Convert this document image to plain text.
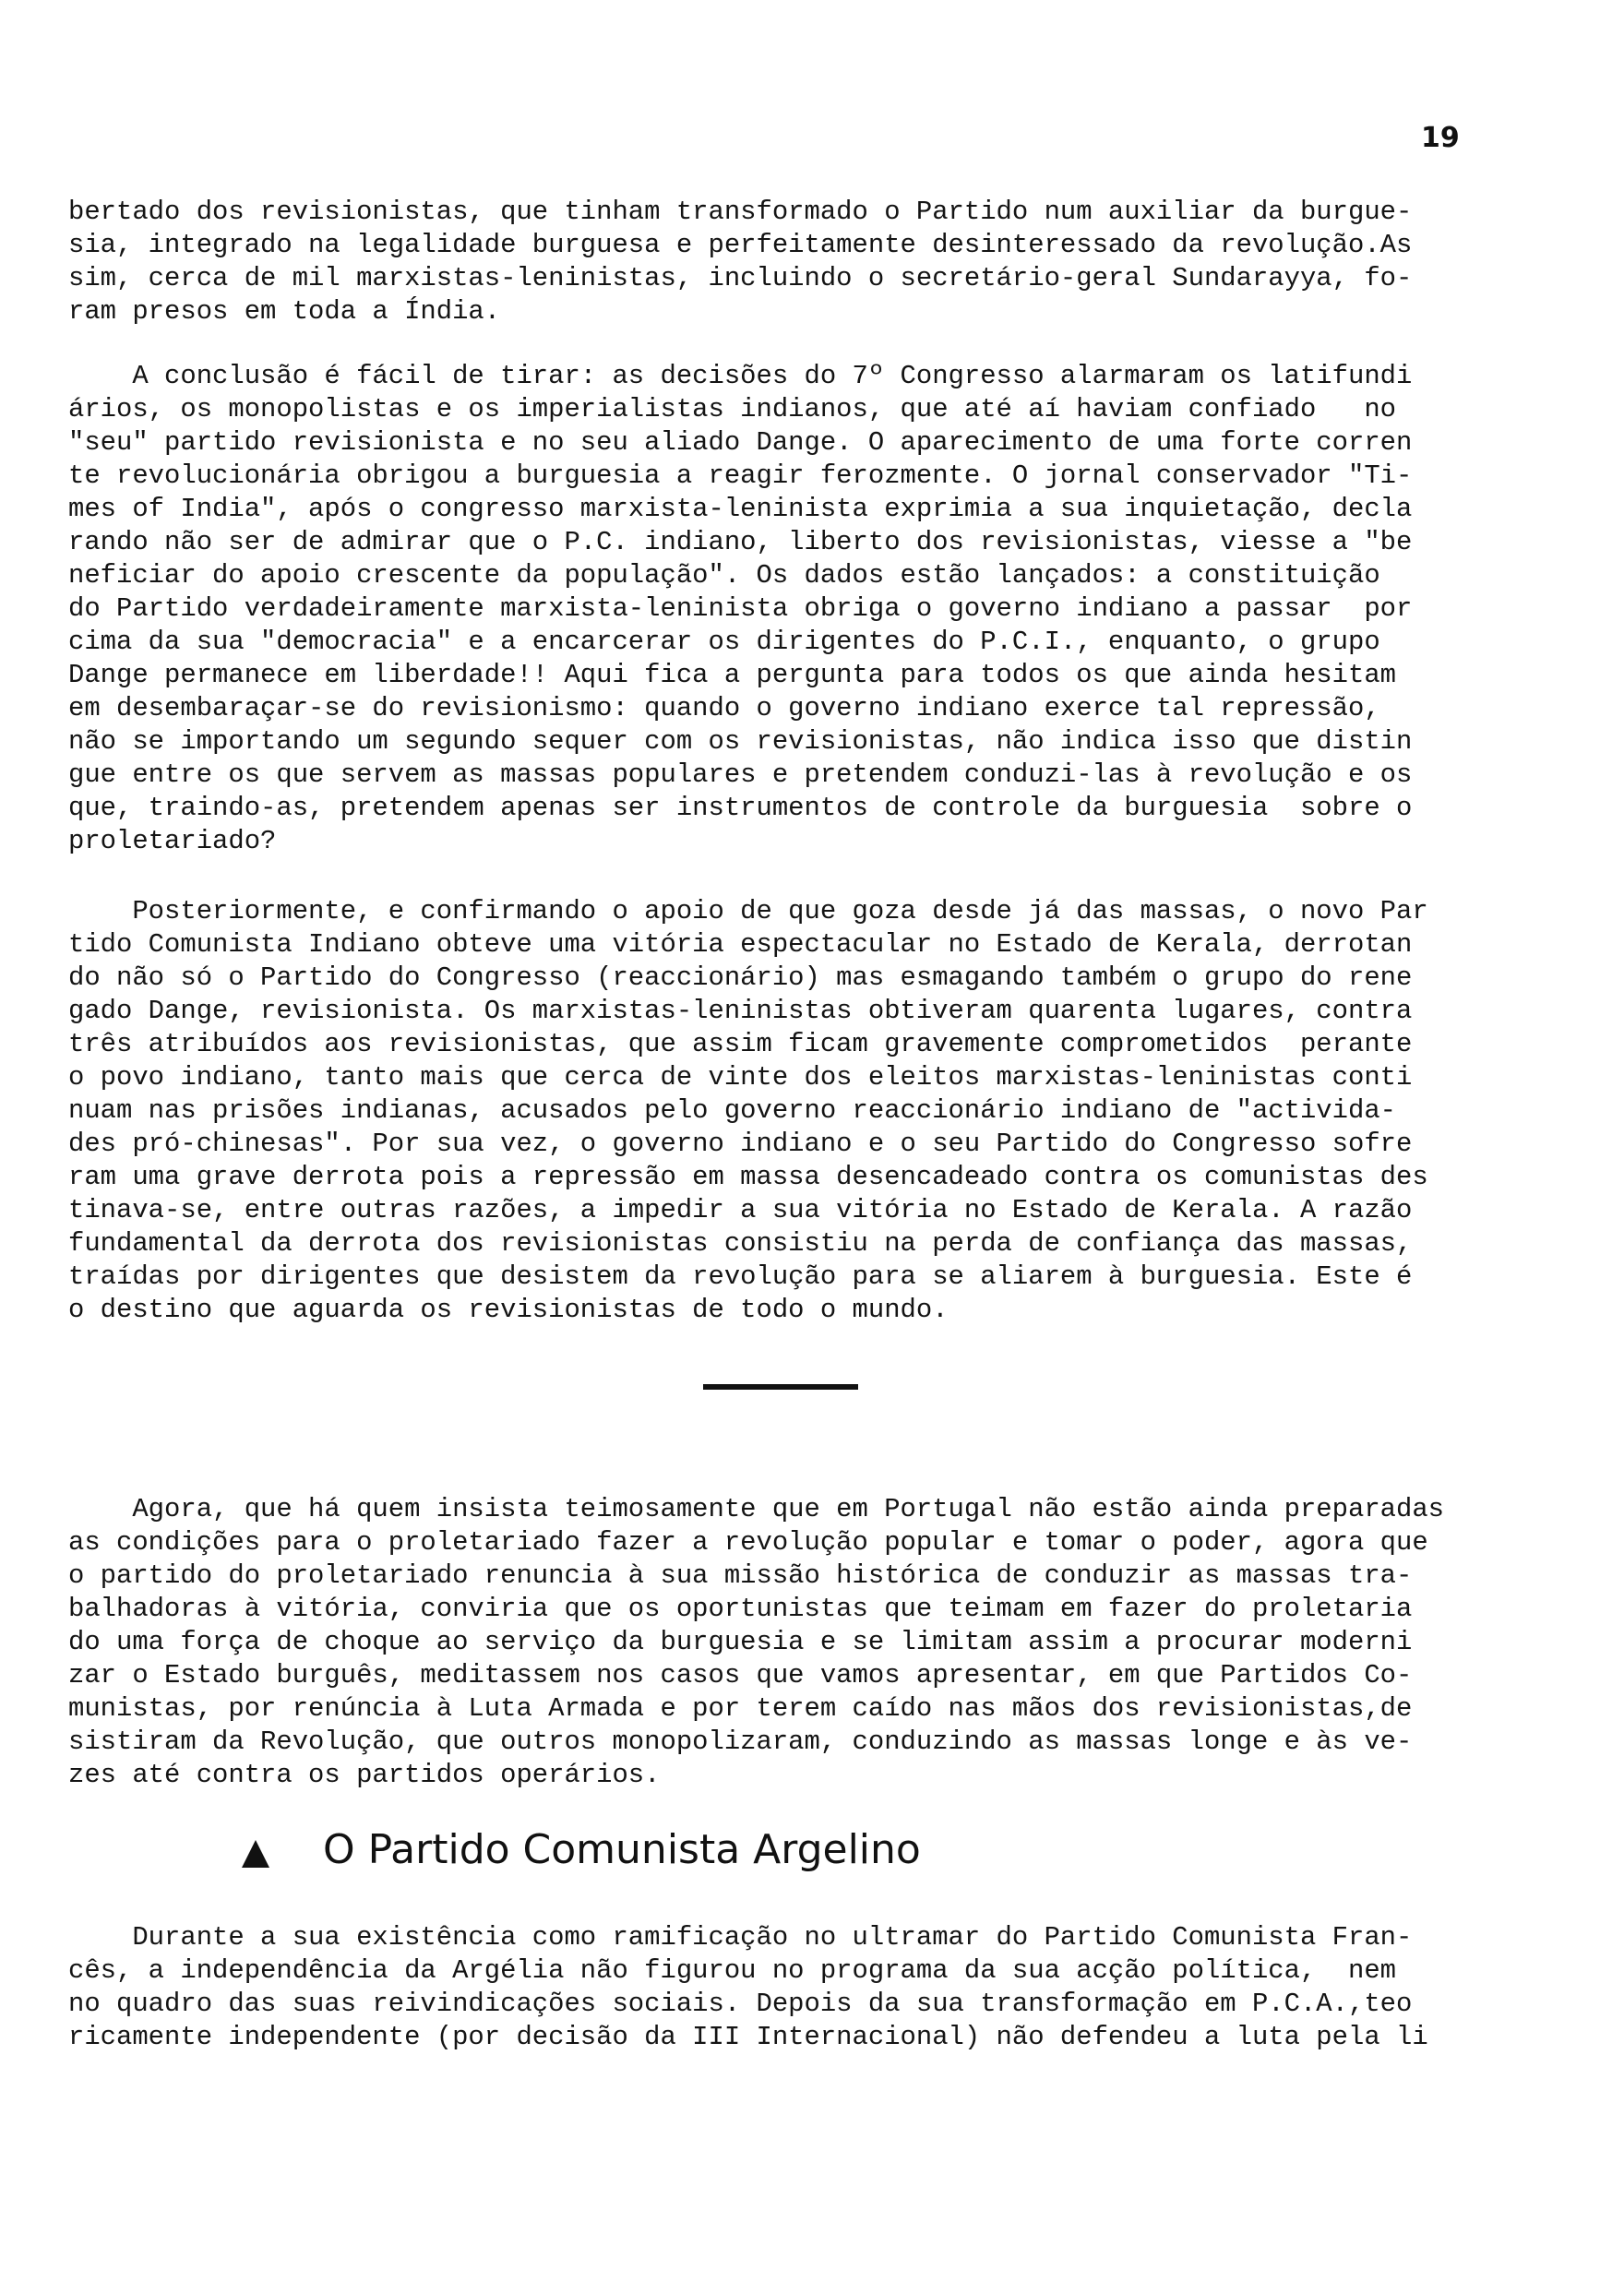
19
bertado dos revisionistas, que tinham transformado o Partido num auxiliar da burgue-
sia, integrado na legalidade burguesa e perfeitamente desinteressado da revolução.As
sim, cerca de mil marxistas-leninistas, incluindo o secretário-geral Sundarayya, fo-
ram presos em toda a Índia.
A conclusão é fácil de tirar: as decisões do 7º Congresso alarmaram os latifundi
ários, os monopolistas e os imperialistas indianos, que até aí haviam confiado   no
"seu" partido revisionista e no seu aliado Dange. O aparecimento de uma forte corren
te revolucionária obrigou a burguesia a reagir ferozmente. O jornal conservador "Ti-
mes of India", após o congresso marxista-leninista exprimia a sua inquietação, decla
rando não ser de admirar que o P.C. indiano, liberto dos revisionistas, viesse a "be
neficiar do apoio crescente da população". Os dados estão lançados: a constituição
do Partido verdadeiramente marxista-leninista obriga o governo indiano a passar  por
cima da sua "democracia" e a encarcerar os dirigentes do P.C.I., enquanto, o grupo
Dange permanece em liberdade!! Aqui fica a pergunta para todos os que ainda hesitam
em desembaraçar-se do revisionismo: quando o governo indiano exerce tal repressão,
não se importando um segundo sequer com os revisionistas, não indica isso que distin
gue entre os que servem as massas populares e pretendem conduzi-las à revolução e os
que, traindo-as, pretendem apenas ser instrumentos de controle da burguesia  sobre o
proletariado?
Posteriormente, e confirmando o apoio de que goza desde já das massas, o novo Par
tido Comunista Indiano obteve uma vitória espectacular no Estado de Kerala, derrotan
do não só o Partido do Congresso (reaccionário) mas esmagando também o grupo do rene
gado Dange, revisionista. Os marxistas-leninistas obtiveram quarenta lugares, contra
três atribuídos aos revisionistas, que assim ficam gravemente comprometidos  perante
o povo indiano, tanto mais que cerca de vinte dos eleitos marxistas-leninistas conti
nuam nas prisões indianas, acusados pelo governo reaccionário indiano de "activida-
des pró-chinesas". Por sua vez, o governo indiano e o seu Partido do Congresso sofre
ram uma grave derrota pois a repressão em massa desencadeado contra os comunistas des
tinava-se, entre outras razões, a impedir a sua vitória no Estado de Kerala. A razão
fundamental da derrota dos revisionistas consistiu na perda de confiança das massas,
traídas por dirigentes que desistem da revolução para se aliarem à burguesia. Este é
o destino que aguarda os revisionistas de todo o mundo.
Agora, que há quem insista teimosamente que em Portugal não estão ainda preparadas
as condições para o proletariado fazer a revolução popular e tomar o poder, agora que
o partido do proletariado renuncia à sua missão histórica de conduzir as massas tra-
balhadoras à vitória, conviria que os oportunistas que teimam em fazer do proletaria
do uma força de choque ao serviço da burguesia e se limitam assim a procurar moderni
zar o Estado burguês, meditassem nos casos que vamos apresentar, em que Partidos Co-
munistas, por renúncia à Luta Armada e por terem caído nas mãos dos revisionistas,de
sistiram da Revolução, que outros monopolizaram, conduzindo as massas longe e às ve-
zes até contra os partidos operários.
O Partido Comunista Argelino
Durante a sua existência como ramificação no ultramar do Partido Comunista Fran-
cês, a independência da Argélia não figurou no programa da sua acção política,  nem
no quadro das suas reivindicações sociais. Depois da sua transformação em P.C.A.,teo
ricamente independente (por decisão da III Internacional) não defendeu a luta pela li
